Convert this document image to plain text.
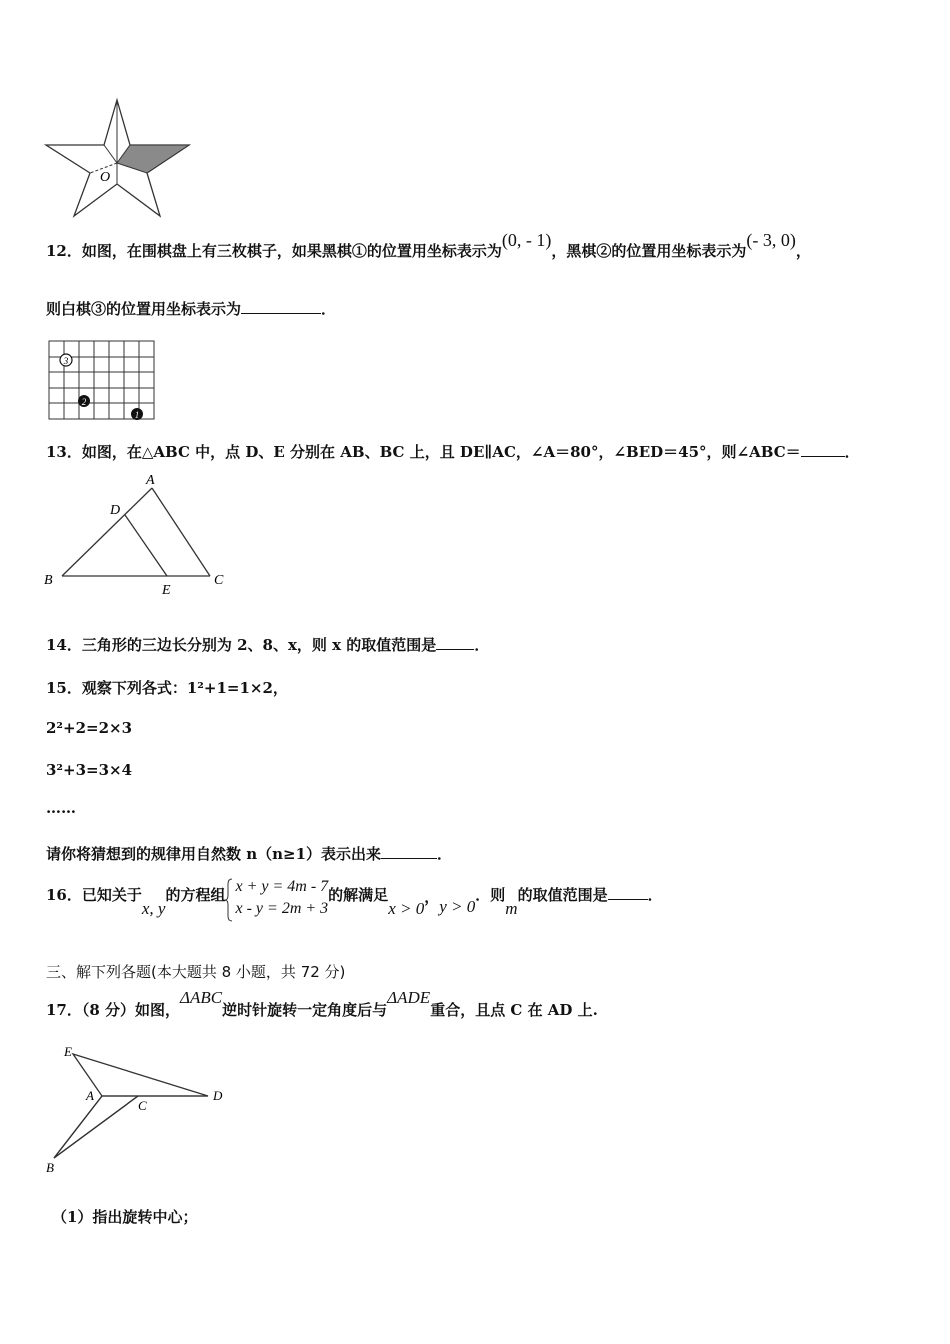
O
12．如图，在围棋盘上有三枚棋子，如果黑棋①的位置用坐标表示为(0, - 1)，黑棋②的位置用坐标表示为(- 3, 0)，
则白棋③的位置用坐标表示为	．
3
2
1
13．如图，在△ABC 中，点 D、E 分别在 AB、BC 上，且 DE∥AC，∠A＝80°，∠BED＝45°，则∠ABC＝	．
A
D
B
E
C
14．三角形的三边长分别为 2、8、x，则 x 的取值范围是	．
15．观察下列各式：1²+1=1×2，
2²+2=2×3
3²+3=3×4
……
请你将猜想到的规律用自然数 n（n≥1）表示出来	．
16．已知关于x, y的方程组 x + y = 4m - 7
x - y = 2m + 3
的解满足x > 0，y > 0．则m的取值范围是	．
三、解下列各题(本大题共 8 小题，共 72 分)
17．（8 分）如图，ΔABC逆时针旋转一定角度后与ΔADE重合，且点 C 在 AD 上.
E
A
C
D
B
（1）指出旋转中心；
